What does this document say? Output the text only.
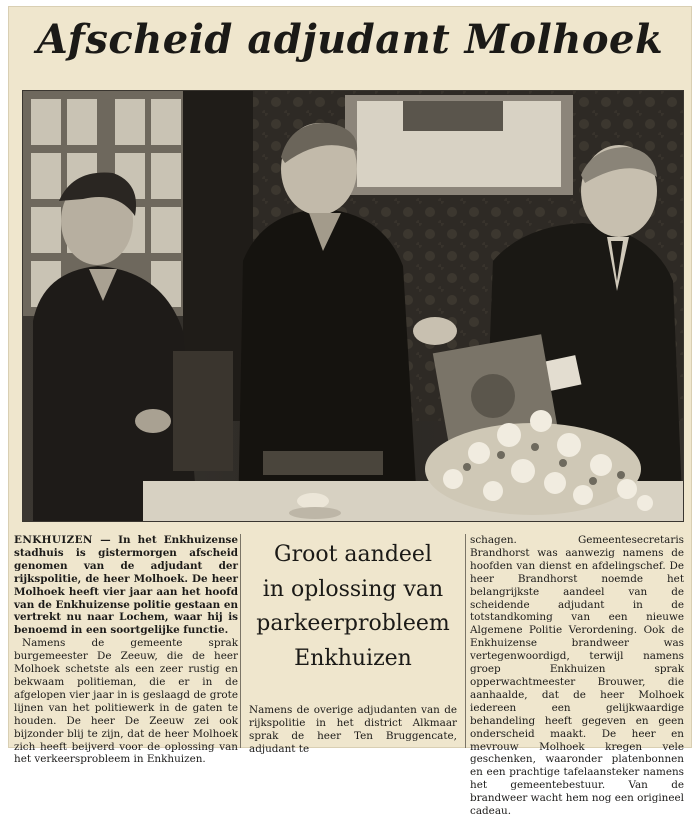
Afscheid adjudant Molhoek
ENKHUIZEN — In het Enkhuizense stadhuis is gistermorgen afscheid genomen van de adjudant der rijkspolitie, de heer Molhoek. De heer Molhoek heeft vier jaar aan het hoofd van de Enkhuizense politie gestaan en vertrekt nu naar Lochem, waar hij is benoemd in een soortgelijke functie.

Namens de gemeente sprak burgemeester De Zeeuw, die de heer Molhoek schetste als een zeer rustig en bekwaam politieman, die er in de afgelopen vier jaar in is geslaagd de grote lijnen van het politiewerk in de gaten te houden. De heer De Zeeuw zei ook bijzonder blij te zijn, dat de heer Molhoek zich heeft beijverd voor de oplossing van het verkeersprobleem in Enkhuizen.

Groot aandeel
in oplossing van
parkeerprobleem
Enkhuizen
Namens de overige adjudanten van de rijkspolitie in het district Alkmaar sprak de heer Ten Bruggencate, adjudant te

schagen. Gemeentesecretaris Brandhorst was aanwezig namens de hoofden van dienst en afdelingschef. De heer Brandhorst noemde het belangrijkste aandeel van de scheidende adjudant in de totstandkoming van een nieuwe Algemene Politie Verordening. Ook de Enkhuizense brandweer was vertegenwoordigd, terwijl namens groep Enkhuizen sprak opperwachtmeester Brouwer, die aanhaalde, dat de heer Molhoek iedereen een gelijkwaardige behandeling heeft gegeven en geen onderscheid maakt. De heer en mevrouw Molhoek kregen vele geschenken, waaronder platenbonnen en een prachtige tafelaansteker namens het gemeentebestuur. Van de brandweer wacht hem nog een origineel cadeau.
